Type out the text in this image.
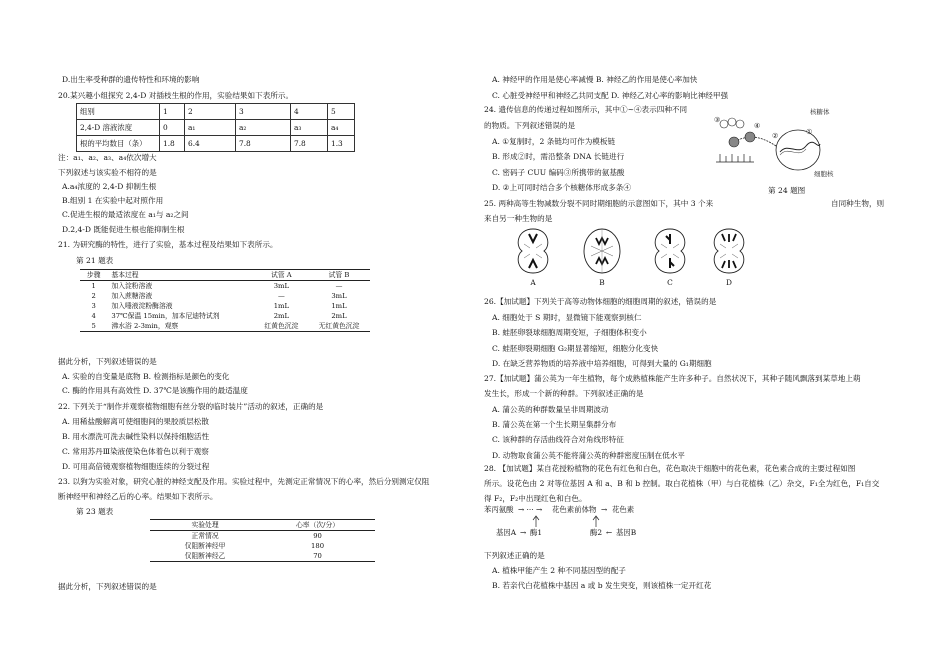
D.出生率受种群的遗传特性和环境的影响
20.某兴趣小组探究 2,4-D 对插枝生根的作用，实验结果如下表所示。
组别	1	2	3	4	5
2,4-D 溶液浓度	0	a₁	a₂	a₃	a₄
根的平均数目（条）	1.8	6.4	7.8	7.8	1.3
注：a₁、a₂、a₃、a₄依次增大
下列叙述与该实验不相符的是
A.a₄浓度的 2,4-D 抑制生根
B.组别 1 在实验中起对照作用
C.促进生根的最适浓度在 a₁与 a₂之间
D.2,4-D 既能促进生根也能抑制生根
21. 为研究酶的特性，进行了实验，基本过程及结果如下表所示。
第 21 题表
步骤	基本过程	试管 A	试管 B
1	加入淀粉溶液	3mL	—
2	加入蔗糖溶液	—	3mL
3	加入唾液淀粉酶溶液	1mL	1mL
4	37℃保温 15min，加本尼迪特试剂	2mL	2mL
5	沸水浴 2-3min，观察	红黄色沉淀	无红黄色沉淀
据此分析，下列叙述错误的是
A. 实验的自变量是底物 B. 检测指标是颜色的变化
C. 酶的作用具有高效性 D. 37℃是该酶作用的最适温度
22. 下列关于“制作并观察植物细胞有丝分裂的临时装片”活动的叙述，正确的是
A. 用稀盐酸解离可使细胞间的果胶质层松散
B. 用水漂洗可洗去碱性染料以保持细胞活性
C. 常用苏丹Ⅲ染液使染色体着色以利于观察
D. 可用高倍镜观察植物细胞连续的分裂过程
23. 以狗为实验对象，研究心脏的神经支配及作用。实验过程中，先测定正常情况下的心率，然后分别测定仅阻
断神经甲和神经乙后的心率。结果如下表所示。
第 23 题表
实验处理	心率（次/分）
正常情况	90
仅阻断神经甲	180
仅阻断神经乙	70
据此分析，下列叙述错误的是
A. 神经甲的作用是使心率减慢 B. 神经乙的作用是使心率加快
C. 心脏受神经甲和神经乙共同支配 D. 神经乙对心率的影响比神经甲强
24. 遗传信息的传递过程如图所示，其中①~④表示四种不同
的物质。下列叙述错误的是
A. ①复制时，2 条链均可作为模板链
B. 形成②时，需沿整条 DNA 长链进行
C. 密码子 CUU 编码③所携带的氨基酸
D. ②上可同时结合多个核糖体形成多条④
核糖体
细胞核
①
②
③
④
第 24 题图
25. 两种高等生物减数分裂不同时期细胞的示意图如下，其中 3 个来	自同种生物，则
来自另一种生物的是
A	B	C	D
26.【加试题】下列关于高等动物体细胞的细胞周期的叙述，错误的是
A. 细胞处于 S 期时，显微镜下能观察到核仁
B. 蛙胚卵裂球细胞周期变短，子细胞体积变小
C. 蛙胚卵裂期细胞 G₂期显著缩短，细胞分化变快
D. 在缺乏营养物质的培养液中培养细胞，可得到大量的 G₁期细胞
27.【加试题】蒲公英为一年生植物，每个成熟植株能产生许多种子。自然状况下，其种子随风飘落到某草地上萌
发生长，形成一个新的种群。下列叙述正确的是
A. 蒲公英的种群数量呈非周期波动
B. 蒲公英在第一个生长期呈集群分布
C. 该种群的存活曲线符合对角线形特征
D. 动物取食蒲公英不能将蒲公英的种群密度压制在低水平
28. 【加试题】某自花授粉植物的花色有红色和白色，花色取决于细胞中的花色素，花色素合成的主要过程如图
所示。设花色由 2 对等位基因 A 和 a、B 和 b 控制。取白花植株（甲）与白花植株（乙）杂交，F₁全为红色，F₁自交
得 F₂，F₂中出现红色和白色。
苯丙氨酸 → ··· → 花色素前体物 → 花色素
基因A → 酶1	酶2 ← 基因B
下列叙述正确的是
A. 植株甲能产生 2 种不同基因型的配子
B. 若亲代白花植株中基因 a 或 b 发生突变，则该植株一定开红花
